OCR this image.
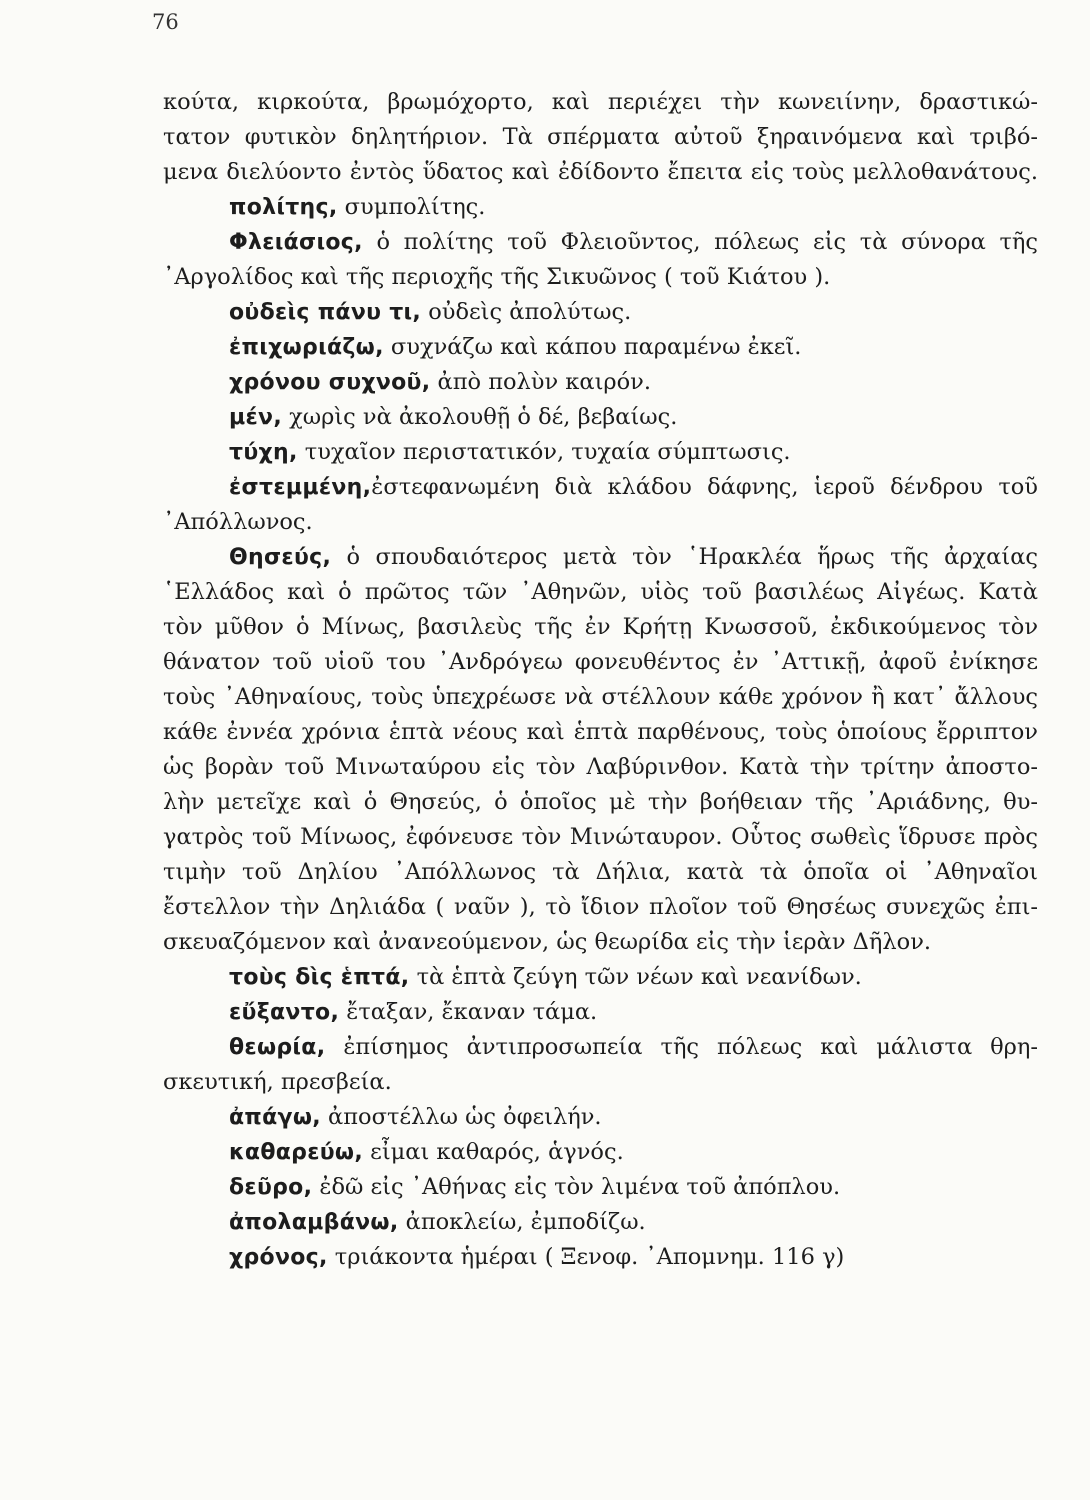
76
κούτα, κιρκούτα, βρωμόχορτο, καὶ περιέχει τὴν κωνειίνην, δραστικώ-
τατον φυτικὸν δηλητήριον. Τὰ σπέρματα αὐτοῦ ξηραινόμενα καὶ τριβό-
μενα διελύοντο ἐντὸς ὕδατος καὶ ἐδίδοντο ἔπειτα εἰς τοὺς μελλοθανάτους.
πολίτης, συμπολίτης.
Φλειάσιος, ὁ πολίτης τοῦ Φλειοῦντος, πόλεως εἰς τὰ σύνορα τῆς
᾿Αργολίδος καὶ τῆς περιοχῆς τῆς Σικυῶνος ( τοῦ Κιάτου ).
οὐδεὶς πάνυ τι, οὐδεὶς ἀπολύτως.
ἐπιχωριάζω, συχνάζω καὶ κάπου παραμένω ἐκεῖ.
χρόνου συχνοῦ, ἀπὸ πολὺν καιρόν.
μέν, χωρὶς νὰ ἀκολουθῇ ὁ δέ, βεβαίως.
τύχη, τυχαῖον περιστατικόν, τυχαία σύμπτωσις.
ἐστεμμένη,ἐστεφανωμένη διὰ κλάδου δάφνης, ἱεροῦ δένδρου τοῦ
᾿Απόλλωνος.
Θησεύς, ὁ σπουδαιότερος μετὰ τὸν ῾Ηρακλέα ἥρως τῆς ἀρχαίας
῾Ελλάδος καὶ ὁ πρῶτος τῶν ᾿Αθηνῶν, υἱὸς τοῦ βασιλέως Αἰγέως. Κατὰ
τὸν μῦθον ὁ Μίνως, βασιλεὺς τῆς ἐν Κρήτῃ Κνωσσοῦ, ἐκδικούμενος τὸν
θάνατον τοῦ υἱοῦ του ᾿Ανδρόγεω φονευθέντος ἐν ᾿Αττικῇ, ἀφοῦ ἐνίκησε
τοὺς ᾿Αθηναίους, τοὺς ὑπεχρέωσε νὰ στέλλουν κάθε χρόνον ἢ κατ᾿ ἄλλους
κάθε ἐννέα χρόνια ἑπτὰ νέους καὶ ἑπτὰ παρθένους, τοὺς ὁποίους ἔρριπτον
ὡς βορὰν τοῦ Μινωταύρου εἰς τὸν Λαβύρινθον. Κατὰ τὴν τρίτην ἀποστο-
λὴν μετεῖχε καὶ ὁ Θησεύς, ὁ ὁποῖος μὲ τὴν βοήθειαν τῆς ᾿Αριάδνης, θυ-
γατρὸς τοῦ Μίνωος, ἐφόνευσε τὸν Μινώταυρον. Οὗτος σωθεὶς ἵδρυσε πρὸς
τιμὴν τοῦ Δηλίου ᾿Απόλλωνος τὰ Δήλια, κατὰ τὰ ὁποῖα οἱ ᾿Αθηναῖοι
ἔστελλον τὴν Δηλιάδα ( ναῦν ), τὸ ἴδιον πλοῖον τοῦ Θησέως συνεχῶς ἐπι-
σκευαζόμενον καὶ ἀνανεούμενον, ὡς θεωρίδα εἰς τὴν ἱερὰν Δῆλον.
τοὺς δὶς ἑπτά, τὰ ἑπτὰ ζεύγη τῶν νέων καὶ νεανίδων.
εὔξαντο, ἔταξαν, ἔκαναν τάμα.
θεωρία, ἐπίσημος ἀντιπροσωπεία τῆς πόλεως καὶ μάλιστα θρη-
σκευτική, πρεσβεία.
ἀπάγω, ἀποστέλλω ὡς ὀφειλήν.
καθαρεύω, εἶμαι καθαρός, ἁγνός.
δεῦρο, ἐδῶ εἰς ᾿Αθήνας εἰς τὸν λιμένα τοῦ ἀπόπλου.
ἀπολαμβάνω, ἀποκλείω, ἐμποδίζω.
χρόνος, τριάκοντα ἡμέραι ( Ξενοφ. ᾿Απομνημ. 116 γ)
